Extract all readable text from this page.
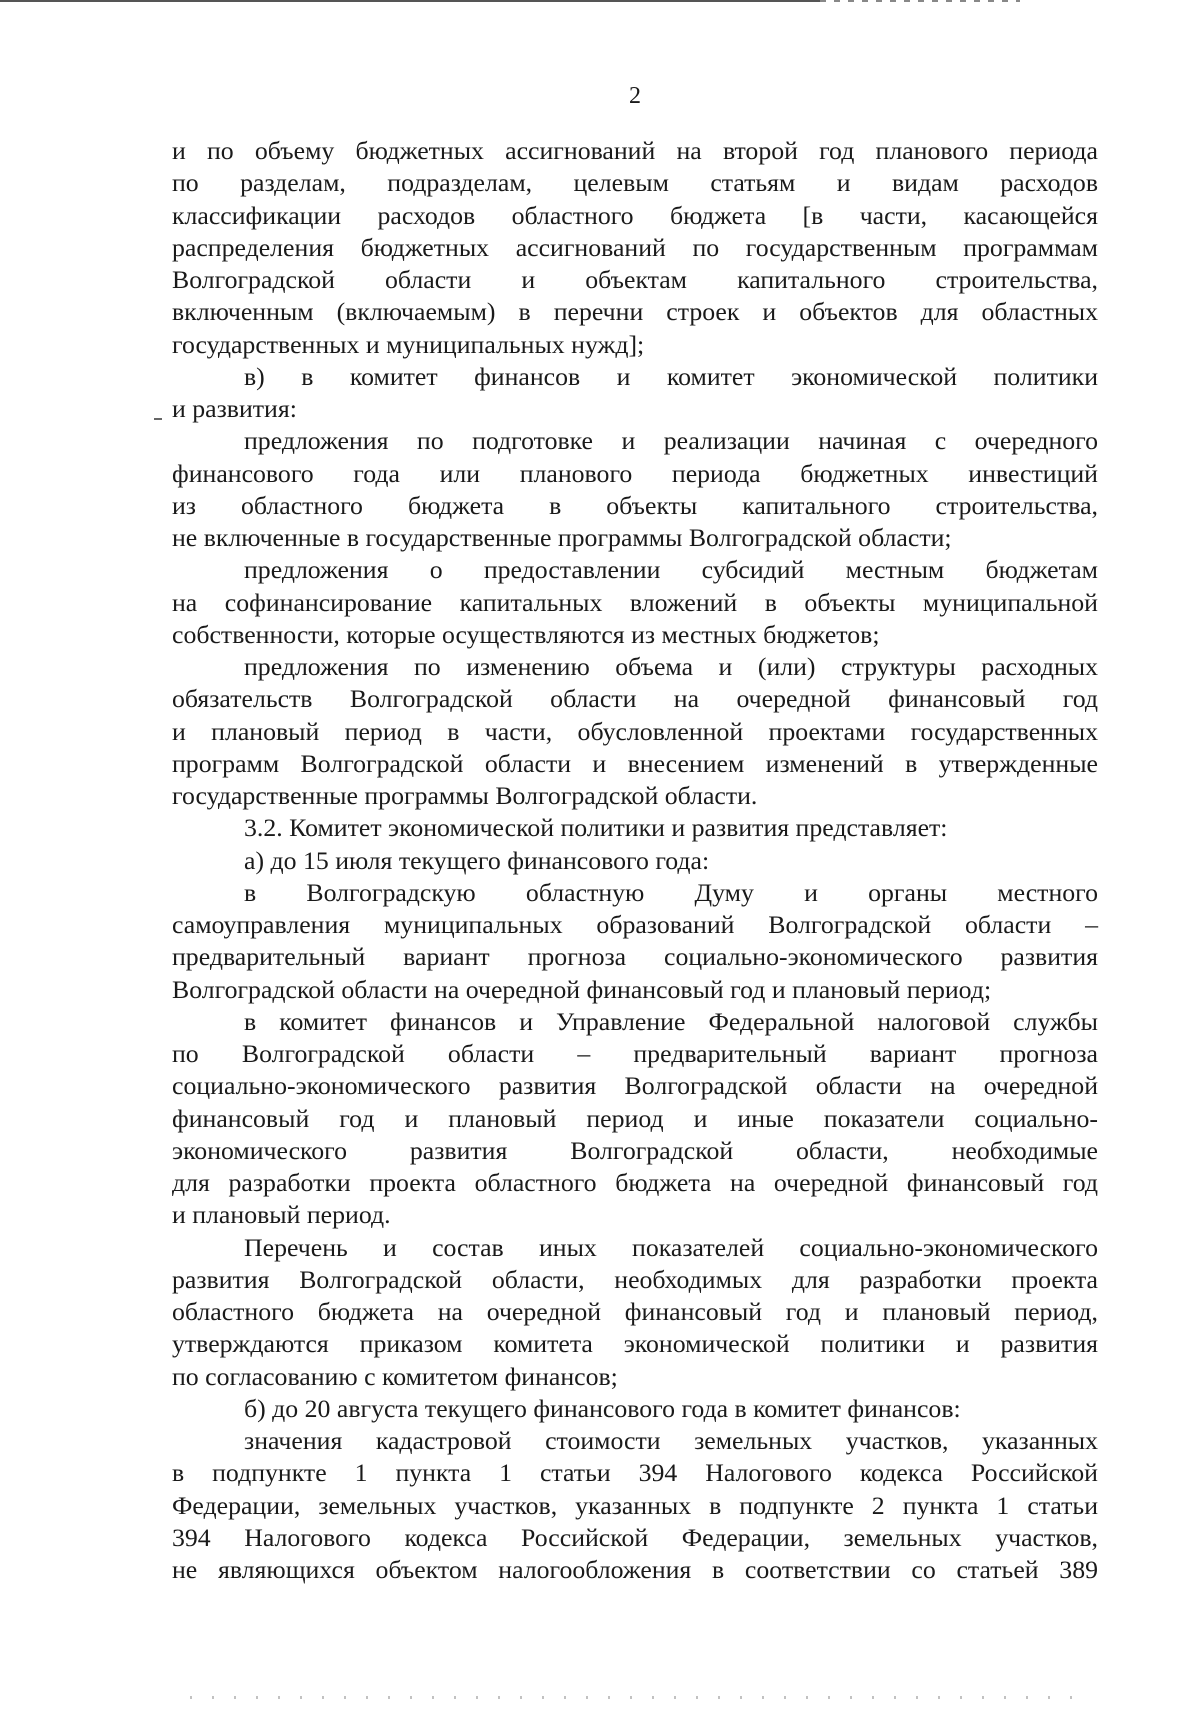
2
и по объему бюджетных ассигнований на второй год планового периода
по разделам, подразделам, целевым статьям и видам расходов
классификации расходов областного бюджета [в части, касающейся
распределения бюджетных ассигнований по государственным программам
Волгоградской области и объектам капитального строительства,
включенным (включаемым) в перечни строек и объектов для областных
государственных и муниципальных нужд];
в) в комитет финансов и комитет экономической политики
и развития:
предложения по подготовке и реализации начиная с очередного
финансового года или планового периода бюджетных инвестиций
из областного бюджета в объекты капитального строительства,
не включенные в государственные программы Волгоградской области;
предложения о предоставлении субсидий местным бюджетам
на софинансирование капитальных вложений в объекты муниципальной
собственности, которые осуществляются из местных бюджетов;
предложения по изменению объема и (или) структуры расходных
обязательств Волгоградской области на очередной финансовый год
и плановый период в части, обусловленной проектами государственных
программ Волгоградской области и внесением изменений в утвержденные
государственные программы Волгоградской области.
3.2. Комитет экономической политики и развития представляет:
а) до 15 июля текущего финансового года:
в Волгоградскую областную Думу и органы местного
самоуправления муниципальных образований Волгоградской области –
предварительный вариант прогноза социально-экономического развития
Волгоградской области на очередной финансовый год и плановый период;
в комитет финансов и Управление Федеральной налоговой службы
по Волгоградской области – предварительный вариант прогноза
социально-экономического развития Волгоградской области на очередной
финансовый год и плановый период и иные показатели социально-
экономического развития Волгоградской области, необходимые
для разработки проекта областного бюджета на очередной финансовый год
и плановый период.
Перечень и состав иных показателей социально-экономического
развития Волгоградской области, необходимых для разработки проекта
областного бюджета на очередной финансовый год и плановый период,
утверждаются приказом комитета экономической политики и развития
по согласованию с комитетом финансов;
б) до 20 августа текущего финансового года в комитет финансов:
значения кадастровой стоимости земельных участков, указанных
в подпункте 1 пункта 1 статьи 394 Налогового кодекса Российской
Федерации, земельных участков, указанных в подпункте 2 пункта 1 статьи
394 Налогового кодекса Российской Федерации, земельных участков,
не являющихся объектом налогообложения в соответствии со статьей 389
